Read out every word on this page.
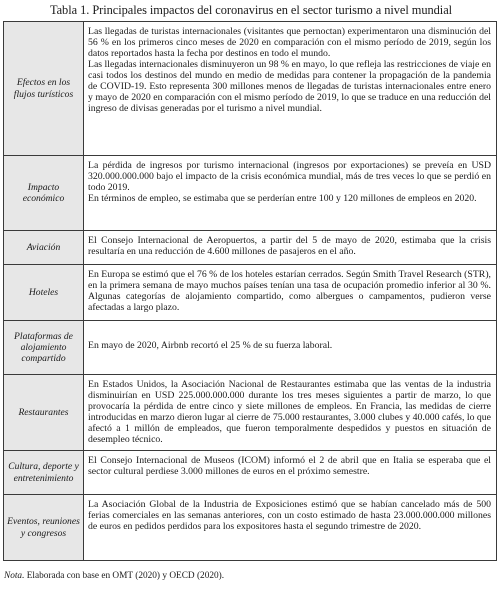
Tabla 1. Principales impactos del coronavirus en el sector turismo a nivel mundial
Efectos en los flujos turísticos

Las llegadas de turistas internacionales (visitantes que pernoctan) experimentaron una disminución del 56 % en los primeros cinco meses de 2020 en comparación con el mismo período de 2019, según los datos reportados hasta la fecha por destinos en todo el mundo.

Las llegadas internacionales disminuyeron un 98 % en mayo, lo que refleja las restricciones de viaje en casi todos los destinos del mundo en medio de medidas para contener la propagación de la pandemia de COVID-19. Esto representa 300 millones menos de llegadas de turistas internacionales entre enero y mayo de 2020 en comparación con el mismo período de 2019, lo que se traduce en una reducción del ingreso de divisas generadas por el turismo a nivel mundial.

Impacto económico

La pérdida de ingresos por turismo internacional (ingresos por exportaciones) se preveía en USD 320.000.000.000 bajo el impacto de la crisis económica mundial, más de tres veces lo que se perdió en todo 2019.

En términos de empleo, se estimaba que se perderían entre 100 y 120 millones de empleos en 2020.

Aviación

El Consejo Internacional de Aeropuertos, a partir del 5 de mayo de 2020, estimaba que la crisis resultaría en una reducción de 4.600 millones de pasajeros en el año.

Hoteles

En Europa se estimó que el 76 % de los hoteles estarían cerrados. Según Smith Travel Research (STR), en la primera semana de mayo muchos países tenían una tasa de ocupación promedio inferior al 30 %. Algunas categorías de alojamiento compartido, como albergues o campamentos, pudieron verse afectadas a largo plazo.

Plataformas de alojamiento compartido

En mayo de 2020, Airbnb recortó el 25 % de su fuerza laboral.

Restaurantes

En Estados Unidos, la Asociación Nacional de Restaurantes estimaba que las ventas de la industria disminuirían en USD 225.000.000.000 durante los tres meses siguientes a partir de marzo, lo que provocaría la pérdida de entre cinco y siete millones de empleos. En Francia, las medidas de cierre introducidas en marzo dieron lugar al cierre de 75.000 restaurantes, 3.000 clubes y 40.000 cafés, lo que afectó a 1 millón de empleados, que fueron temporalmente despedidos y puestos en situación de desempleo técnico.

Cultura, deporte y entretenimiento

El Consejo Internacional de Museos (ICOM) informó el 2 de abril que en Italia se esperaba que el sector cultural perdiese 3.000 millones de euros en el próximo semestre.

Eventos, reuniones y congresos

La Asociación Global de la Industria de Exposiciones estimó que se habían cancelado más de 500 ferias comerciales en las semanas anteriores, con un costo estimado de hasta 23.000.000.000 millones de euros en pedidos perdidos para los expositores hasta el segundo trimestre de 2020.

Nota. Elaborada con base en OMT (2020) y OECD (2020).
